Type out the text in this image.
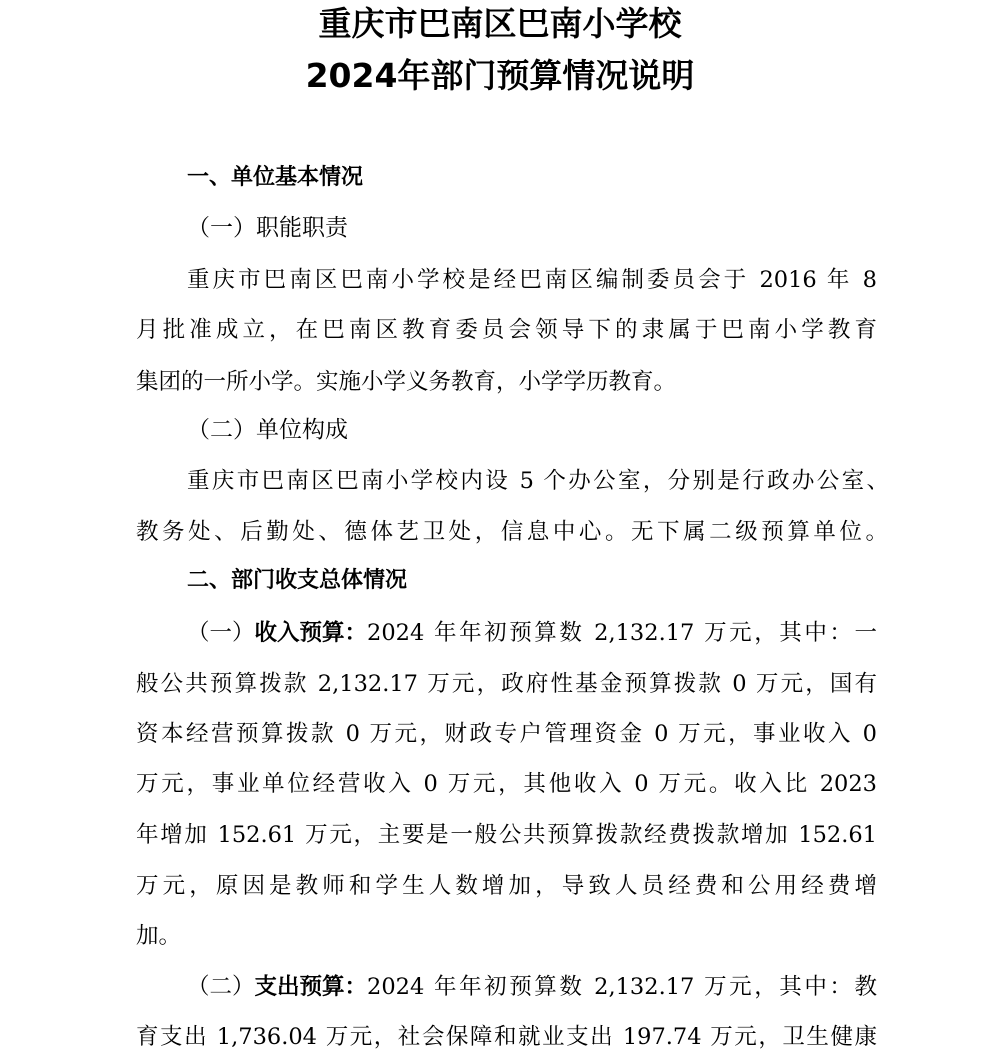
重庆市巴南区巴南小学校
2024年部门预算情况说明
一、单位基本情况
（一）职能职责
重庆市巴南区巴南小学校是经巴南区编制委员会于 2016 年 8
月批准成立，在巴南区教育委员会领导下的隶属于巴南小学教育
集团的一所小学。实施小学义务教育，小学学历教育。
（二）单位构成
重庆市巴南区巴南小学校内设 5 个办公室，分别是行政办公室、
教务处、后勤处、德体艺卫处，信息中心。无下属二级预算单位。
二、部门收支总体情况
（一） 收入预算： 2024 年年初预算数 2,132.17 万元，其中：一
般公共预算拨款 2,132.17 万元，政府性基金预算拨款 0 万元，国有
资本经营预算拨款 0 万元，财政专户管理资金 0 万元，事业收入 0
万元，事业单位经营收入 0 万元，其他收入 0 万元。收入比 2023
年增加 152.61 万元，主要是一般公共预算拨款经费拨款增加 152.61
万元，原因是教师和学生人数增加，导致人员经费和公用经费增
加。
（二） 支出预算： 2024 年年初预算数 2,132.17 万元，其中：教
育支出 1,736.04 万元，社会保障和就业支出 197.74 万元，卫生健康
